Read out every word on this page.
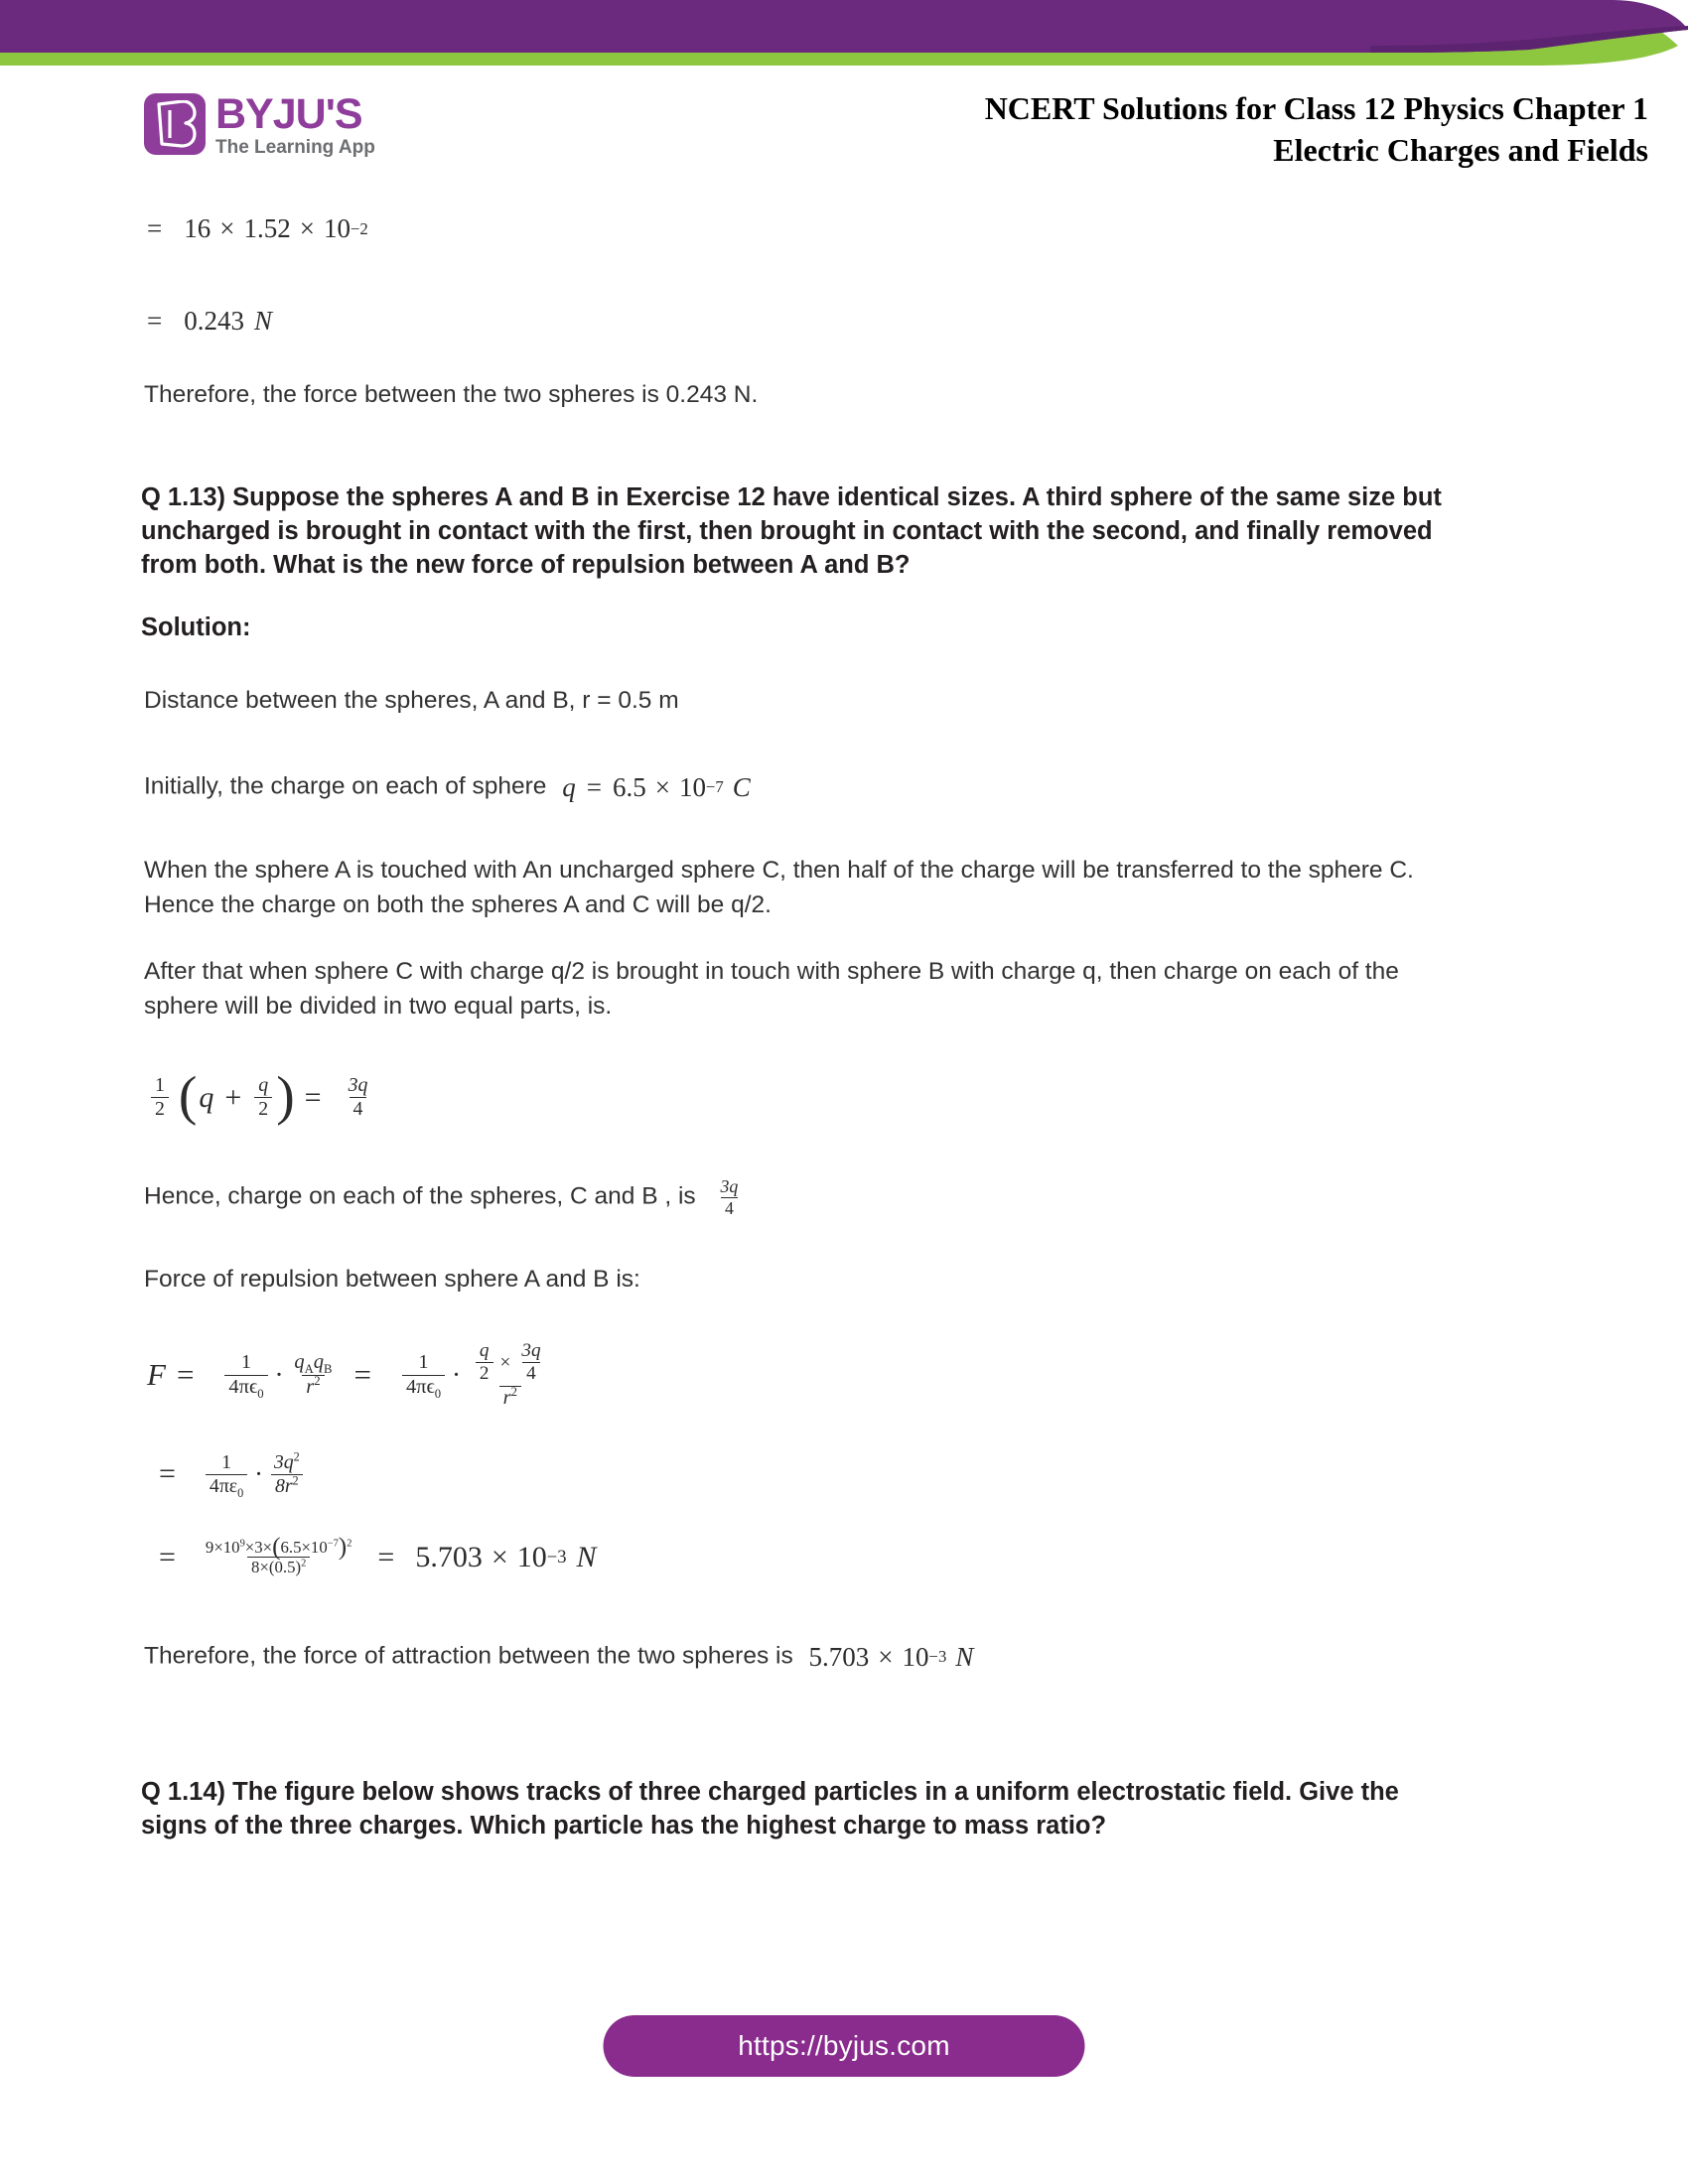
BYJU'S
The Learning App
NCERT Solutions for Class 12 Physics Chapter 1
Electric Charges and Fields
= 16 × 1.52 × 10 −2
= 0.243 N

Therefore, the force between the two spheres is 0.243 N.

Q 1.13) Suppose the spheres A and B in Exercise 12 have identical sizes. A third sphere of the same size but uncharged is brought in contact with the first, then brought in contact with the second, and finally removed from both. What is the new force of repulsion between A and B?

Solution:

Distance between the spheres, A and B, r = 0.5 m

Initially, the charge on each of sphere q = 6.5 × 10 −7 C

When the sphere A is touched with An uncharged sphere C, then half of the charge will be transferred to the sphere C. Hence the charge on both the spheres A and C will be q/2.

After that when sphere C with charge q/2 is brought in touch with sphere B with charge q, then charge on each of the sphere will be divided in two equal parts, is.

$\frac{1}{2}$ ( $q + \frac{q}{2}$ ) = $\frac{3q}{4}$

Hence, charge on each of the spheres, C and B , is $\frac{3q}{4}$

Force of repulsion between sphere A and B is:

$F = \frac{1}{4\pi\epsilon_0} \cdot \frac{q_Aq_B}{r^2} = \frac{1}{4\pi\epsilon_0} \cdot \frac{q}{2} \times \frac{3q}{4}$
$r^2$
= $\frac{1}{4\pi\varepsilon_0} \cdot \frac{3q^2}{8r^2}$
= $\frac{9\times 10^9\times 3\times(6.5\times 10^{-7})^2}{8\times(0.5)^2} = 5.703 \times 10 -3$ N

Therefore, the force of attraction between the two spheres is 5.703 × 10 −3 N

Q 1.14) The figure below shows tracks of three charged particles in a uniform electrostatic field. Give the signs of the three charges. Which particle has the highest charge to mass ratio?

https://byjus.com
